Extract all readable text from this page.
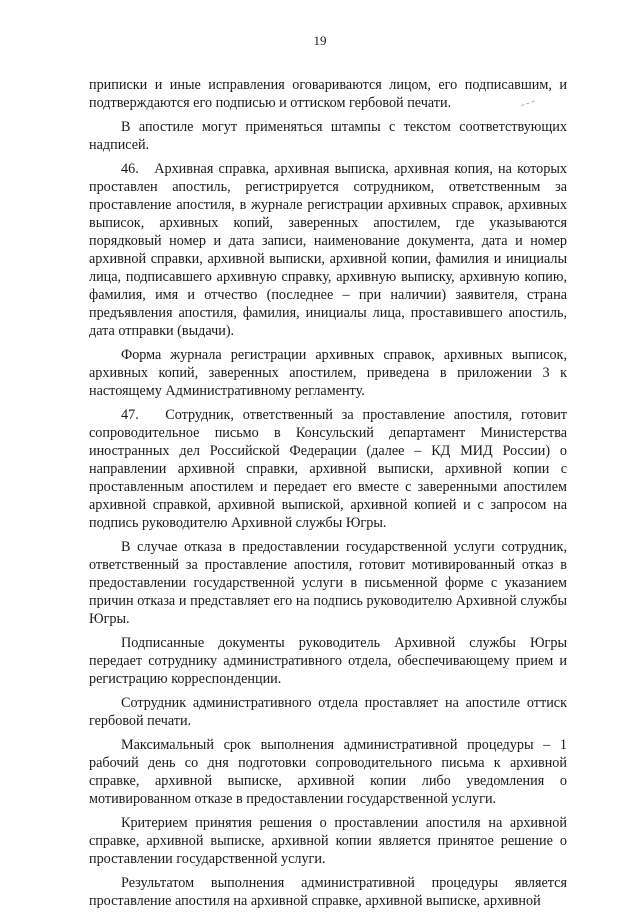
19

приписки и иные исправления оговариваются лицом, его подписавшим, и подтверждаются его подписью и оттиском гербовой печати.

В апостиле могут применяться штампы с текстом соответствующих надписей.

46.   Архивная справка, архивная выписка, архивная копия, на которых проставлен апостиль, регистрируется сотрудником, ответственным за проставление апостиля, в журнале регистрации архивных справок, архивных выписок, архивных копий, заверенных апостилем, где указываются порядковый номер и дата записи, наименование документа, дата и номер архивной справки, архивной выписки, архивной копии, фамилия и инициалы лица, подписавшего архивную справку, архивную выписку, архивную копию, фамилия, имя и отчество (последнее – при наличии) заявителя, страна предъявления апостиля, фамилия, инициалы лица, проставившего апостиль, дата отправки (выдачи).

Форма журнала регистрации архивных справок, архивных выписок, архивных копий, заверенных апостилем, приведена в приложении 3 к настоящему Административному регламенту.

47.   Сотрудник, ответственный за проставление апостиля, готовит сопроводительное письмо в Консульский департамент Министерства иностранных дел Российской Федерации (далее – КД МИД России) о направлении архивной справки, архивной выписки, архивной копии с проставленным апостилем и передает его вместе с заверенными апостилем архивной справкой, архивной выпиской, архивной копией и с запросом на подпись руководителю Архивной службы Югры.

В случае отказа в предоставлении государственной услуги сотрудник, ответственный за проставление апостиля, готовит мотивированный отказ в предоставлении государственной услуги в письменной форме с указанием причин отказа и представляет его на подпись руководителю Архивной службы Югры.

Подписанные документы руководитель Архивной службы Югры передает сотруднику административного отдела, обеспечивающему прием и регистрацию корреспонденции.

Сотрудник административного отдела проставляет на апостиле оттиск гербовой печати.

Максимальный срок выполнения административной процедуры – 1 рабочий день со дня подготовки сопроводительного письма к архивной справке, архивной выписке, архивной копии либо уведомления о мотивированном отказе в предоставлении государственной услуги.

Критерием принятия решения о проставлении апостиля на архивной справке, архивной выписке, архивной копии является принятое решение о проставлении государственной услуги.

Результатом выполнения административной процедуры является проставление апостиля на архивной справке, архивной выписке, архивной
